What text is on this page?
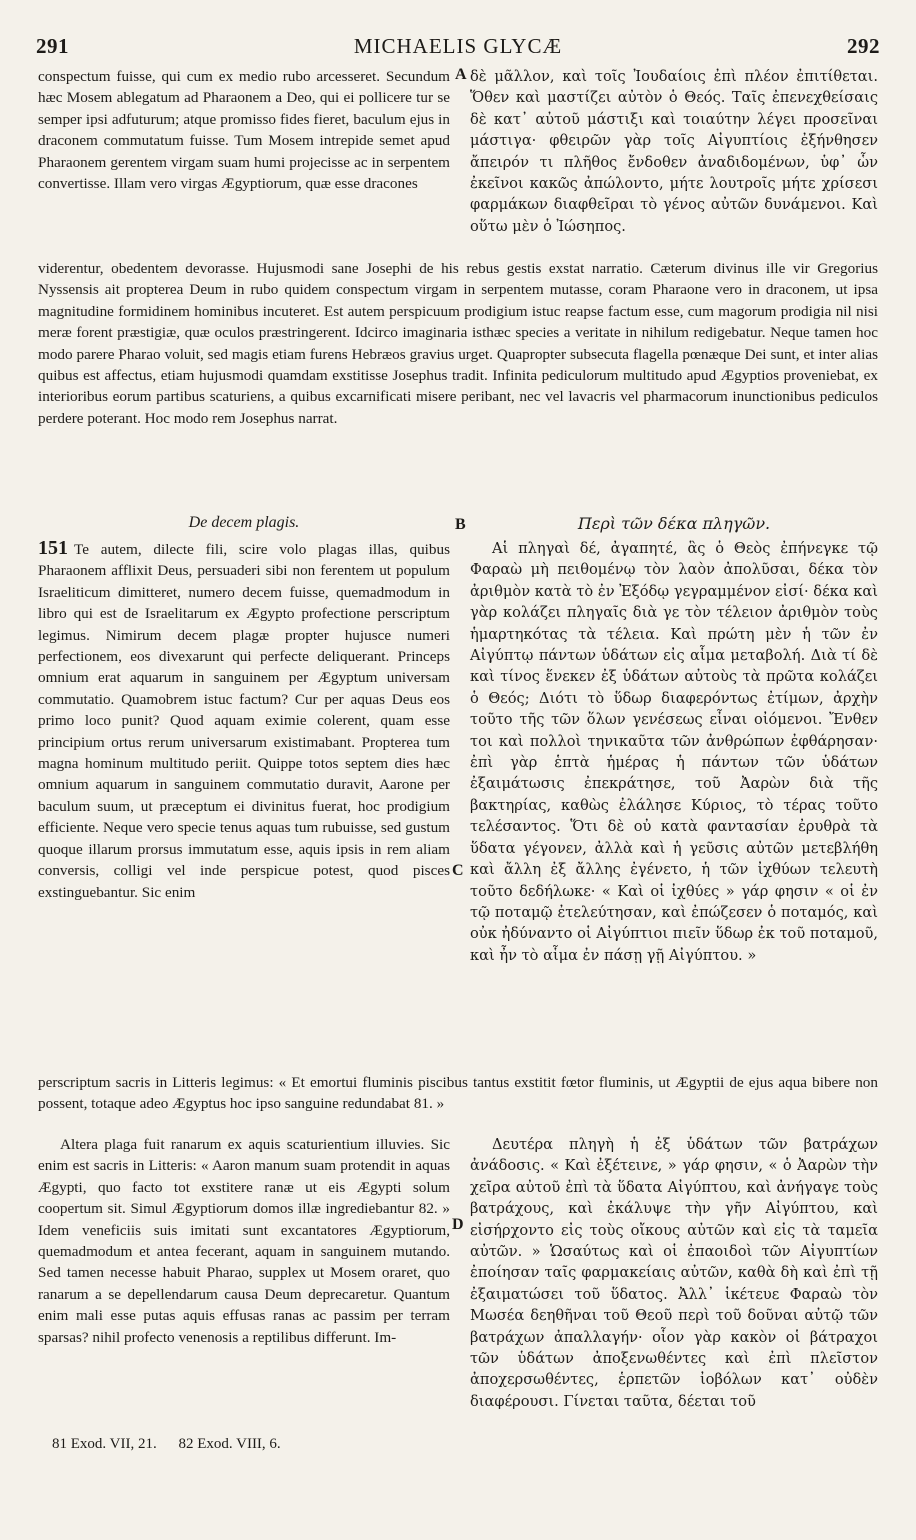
291	MICHAELIS GLYCÆ	292

conspectum fuisse, qui cum ex medio rubo arcesseret. Secundum hæc Mosem ablegatum ad Pharaonem a Deo, qui ei pollicere tur se semper ipsi adfuturum; atque promisso fides fieret, baculum ejus in draconem commutatum fuisse. Tum Mosem intrepide semet apud Pharaonem gerentem virgam suam humi projecisse ac in serpentem convertisse. Illam vero virgas Ægyptiorum, quæ esse dracones

A δὲ μᾶλλον, καὶ τοῖς Ἰουδαίοις ἐπὶ πλέον ἐπιτίθεται. Ὅθεν καὶ μαστίζει αὐτὸν ὁ Θεός. Ταῖς ἐπενεχθείσαις δὲ κατ᾽ αὐτοῦ μάστιξι καὶ τοιαύτην λέγει προσεῖναι μάστιγα· φθειρῶν γὰρ τοῖς Αἰγυπτίοις ἐξήνθησεν ἄπειρόν τι πλῆθος ἔνδοθεν ἀναδιδομένων, ὑφ᾽ ὧν ἐκεῖνοι κακῶς ἀπώλοντο, μήτε λουτροῖς μήτε χρίσεσι φαρμάκων διαφθεῖραι τὸ γένος αὐτῶν δυνάμενοι. Καὶ οὕτω μὲν ὁ Ἰώσηπος.

viderentur, obedentem devorasse. Hujusmodi sane Josephi de his rebus gestis exstat narratio. Cæterum divinus ille vir Gregorius Nyssensis ait propterea Deum in rubo quidem conspectum virgam in serpentem mutasse, coram Pharaone vero in draconem, ut ipsa magnitudine formidinem hominibus incuteret. Est autem perspicuum prodigium istuc reapse factum esse, cum magorum prodigia nil nisi meræ forent præstigiæ, quæ oculos præstringerent. Idcirco imaginaria isthæc species a veritate in nihilum redigebatur. Neque tamen hoc modo parere Pharao voluit, sed magis etiam furens Hebræos gravius urget. Quapropter subsecuta flagella pœnæque Dei sunt, et inter alias quibus est affectus, etiam hujusmodi quamdam exstitisse Josephus tradit. Infinita pediculorum multitudo apud Ægyptios proveniebat, ex interioribus eorum partibus scaturiens, a quibus excarnificati misere peribant, nec vel lavacris vel pharmacorum inunctionibus pediculos perdere poterant. Hoc modo rem Josephus narrat.

De decem plagis.	B	Περὶ τῶν δέκα πληγῶν.

151 Te autem, dilecte fili, scire volo plagas illas, quibus Pharaonem afflixit Deus, persuaderi sibi non ferentem ut populum Israeliticum dimitteret, numero decem fuisse, quemadmodum in libro qui est de Israelitarum ex Ægypto profectione perscriptum legimus. Nimirum decem plagæ propter hujusce numeri perfectionem, eos divexarunt qui perfecte deliquerant. Princeps omnium erat aquarum in sanguinem per Ægyptum universam commutatio. Quamobrem istuc factum? Cur per aquas Deus eos primo loco punit? Quod aquam eximie colerent, quam esse principium ortus rerum universarum existimabant. Propterea tum magna hominum multitudo periit. Quippe totos septem dies hæc omnium aquarum in sanguinem commutatio duravit, Aarone per baculum suum, ut præceptum ei divinitus fuerat, hoc prodigium efficiente. Neque vero specie tenus aquas tum rubuisse, sed gustum quoque illarum prorsus immutatum esse, aquis ipsis in rem aliam conversis, colligi vel inde perspicue potest, quod pisces exstinguebantur. Sic enim

C

Αἱ πληγαὶ δέ, ἀγαπητέ, ἃς ὁ Θεὸς ἐπήνεγκε τῷ Φαραὼ μὴ πειθομένῳ τὸν λαὸν ἀπολῦσαι, δέκα τὸν ἀριθμὸν κατὰ τὸ ἐν Ἐξόδῳ γεγραμμένον εἰσί· δέκα καὶ γὰρ κολάζει πληγαῖς διὰ γε τὸν τέλειον ἀριθμὸν τοὺς ἡμαρτηκότας τὰ τέλεια. Καὶ πρώτη μὲν ἡ τῶν ἐν Αἰγύπτῳ πάντων ὑδάτων εἰς αἷμα μεταβολή. Διὰ τί δὲ καὶ τίνος ἕνεκεν ἐξ ὑδάτων αὐτοὺς τὰ πρῶτα κολάζει ὁ Θεός; Διότι τὸ ὕδωρ διαφερόντως ἐτίμων, ἀρχὴν τοῦτο τῆς τῶν ὅλων γενέσεως εἶναι οἰόμενοι. Ἔνθεν τοι καὶ πολλοὶ τηνικαῦτα τῶν ἀνθρώπων ἐφθάρησαν· ἐπὶ γὰρ ἑπτὰ ἡμέρας ἡ πάντων τῶν ὑδάτων ἐξαιμάτωσις ἐπεκράτησε, τοῦ Ἀαρὼν διὰ τῆς βακτηρίας, καθὼς ἐλάλησε Κύριος, τὸ τέρας τοῦτο τελέσαντος. Ὅτι δὲ οὐ κατὰ φαντασίαν ἐρυθρὰ τὰ ὕδατα γέγονεν, ἀλλὰ καὶ ἡ γεῦσις αὐτῶν μετεβλήθη καὶ ἄλλη ἐξ ἄλλης ἐγένετο, ἡ τῶν ἰχθύων τελευτὴ τοῦτο δεδήλωκε· « Καὶ οἱ ἰχθύες » γάρ φησιν « οἱ ἐν τῷ ποταμῷ ἐτελεύτησαν, καὶ ἐπώζεσεν ὁ ποταμός, καὶ οὐκ ἠδύναντο οἱ Αἰγύπτιοι πιεῖν ὕδωρ ἐκ τοῦ ποταμοῦ, καὶ ἦν τὸ αἷμα ἐν πάσῃ γῇ Αἰγύπτου. »

perscriptum sacris in Litteris legimus: « Et emortui fluminis piscibus tantus exstitit fœtor fluminis, ut Ægyptii de ejus aqua bibere non possent, totaque adeo Ægyptus hoc ipso sanguine redundabat 81. »

Altera plaga fuit ranarum ex aquis scaturientium illuvies. Sic enim est sacris in Litteris: « Aaron manum suam protendit in aquas Ægypti, quo facto tot exstitere ranæ ut eis Ægypti solum coopertum sit. Simul Ægyptiorum domos illæ ingrediebantur 82. » Idem veneficiis suis imitati sunt excantatores Ægyptiorum, quemadmodum et antea fecerant, aquam in sanguinem mutando. Sed tamen necesse habuit Pharao, supplex ut Mosem oraret, quo ranarum a se depellendarum causa Deum deprecaretur. Quantum enim mali esse putas aquis effusas ranas ac passim per terram sparsas? nihil profecto venenosis a reptilibus differunt. Im-

D

Δευτέρα πληγὴ ἡ ἐξ ὑδάτων τῶν βατράχων ἀνάδοσις. « Καὶ ἐξέτεινε, » γάρ φησιν, « ὁ Ἀαρὼν τὴν χεῖρα αὐτοῦ ἐπὶ τὰ ὕδατα Αἰγύπτου, καὶ ἀνήγαγε τοὺς βατράχους, καὶ ἐκάλυψε τὴν γῆν Αἰγύπτου, καὶ εἰσήρχοντο εἰς τοὺς οἴκους αὐτῶν καὶ εἰς τὰ ταμεῖα αὐτῶν. » Ὡσαύτως καὶ οἱ ἐπαοιδοὶ τῶν Αἰγυπτίων ἐποίησαν ταῖς φαρμακείαις αὐτῶν, καθὰ δὴ καὶ ἐπὶ τῇ ἐξαιματώσει τοῦ ὕδατος. Ἀλλ᾽ ἱκέτευε Φαραὼ τὸν Μωσέα δεηθῆναι τοῦ Θεοῦ περὶ τοῦ δοῦναι αὐτῷ τῶν βατράχων ἀπαλλαγήν· οἷον γὰρ κακὸν οἱ βάτραχοι τῶν ὑδάτων ἀποξενωθέντες καὶ ἐπὶ πλεῖστον ἀποχερσωθέντες, ἑρπετῶν ἰοβόλων κατ᾽ οὐδὲν διαφέρουσι. Γίνεται ταῦτα, δέεται τοῦ

81 Exod. VII, 21. 82 Exod. VIII, 6.
